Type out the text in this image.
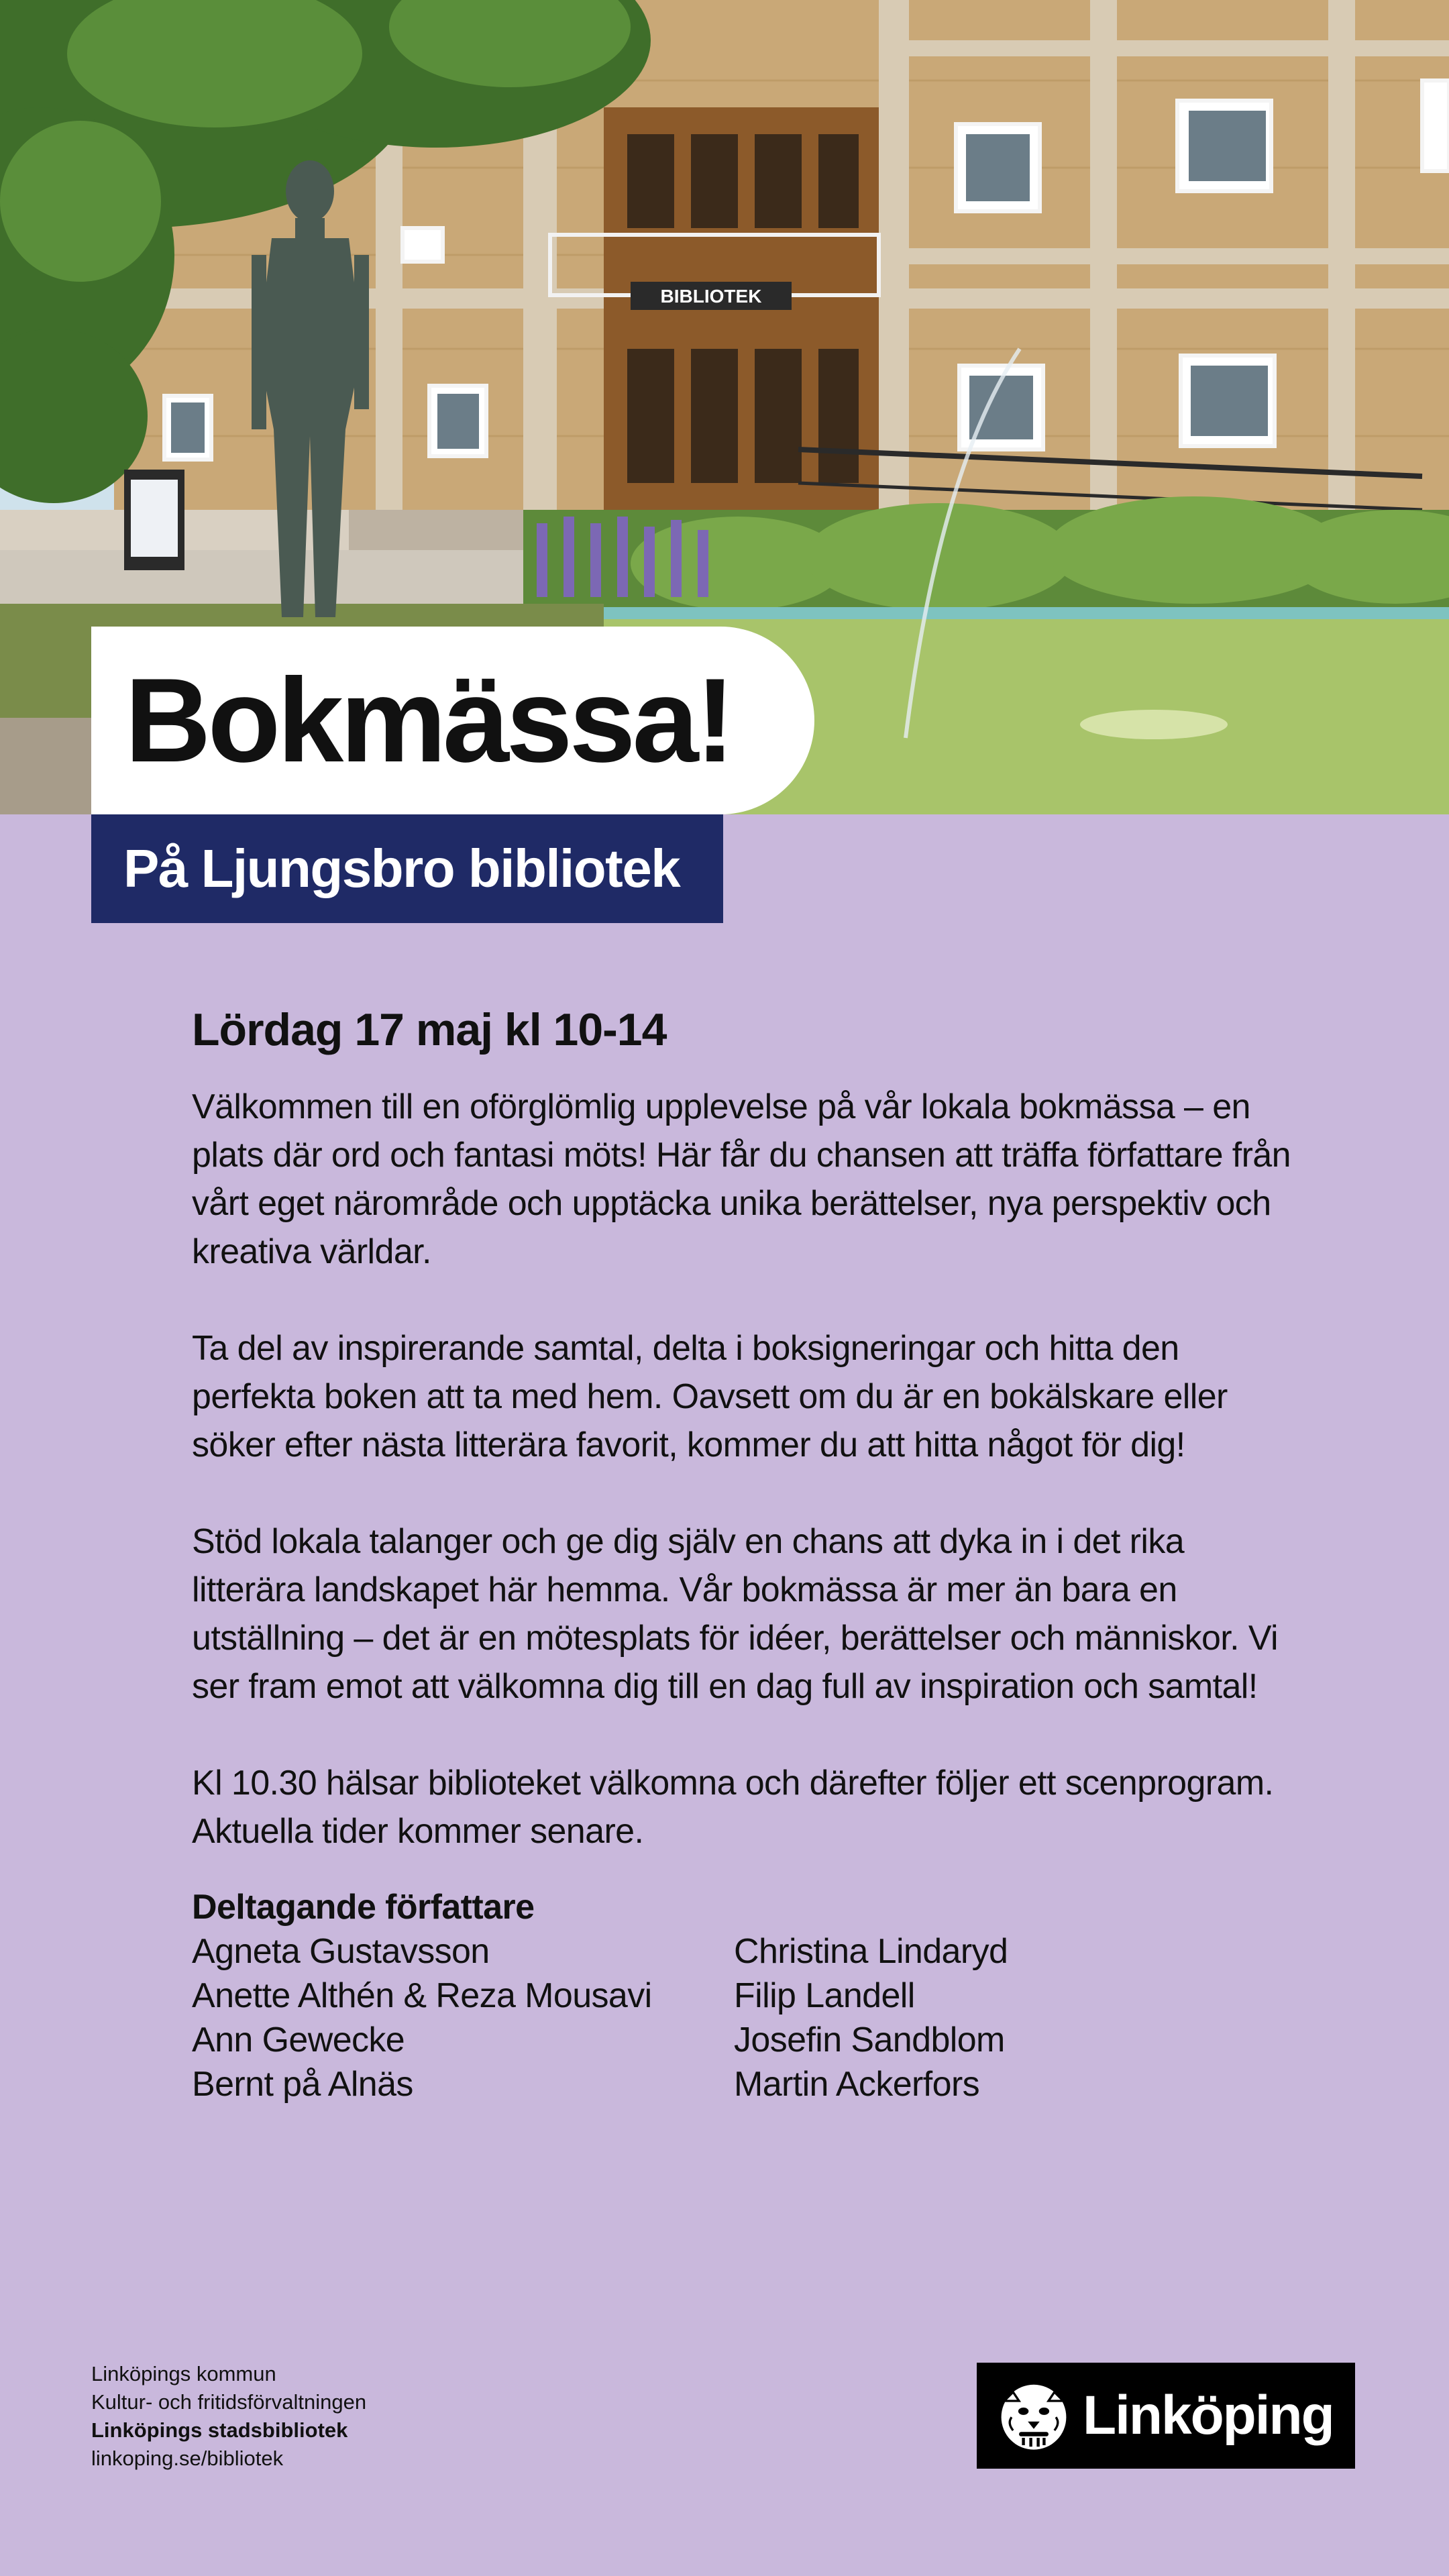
BIBLIOTEK
Bokmässa!
På Ljungsbro bibliotek

Lördag 17 maj kl 10-14

Välkommen till en oförglömlig upplevelse på vår lokala bokmässa – en plats där ord och fantasi möts! Här får du chansen att träffa författare från vårt eget närområde och upptäcka unika berättelser, nya perspektiv och kreativa världar.

Ta del av inspirerande samtal, delta i boksigneringar och hitta den perfekta boken att ta med hem. Oavsett om du är en bokälskare eller söker efter nästa litterära favorit, kommer du att hitta något för dig!

Stöd lokala talanger och ge dig själv en chans att dyka in i det rika litterära landskapet här hemma. Vår bokmässa är mer än bara en utställning – det är en mötesplats för idéer, berättelser och människor. Vi ser fram emot att välkomna dig till en dag full av inspiration och samtal!

Kl 10.30 hälsar biblioteket välkomna och därefter följer ett scenprogram. Aktuella tider kommer senare.

Deltagande författare

Agneta Gustavsson
Anette Althén & Reza Mousavi
Ann Gewecke
Bernt på Alnäs
Christina Lindaryd
Filip Landell
Josefin Sandblom
Martin Ackerfors
Linköpings kommun
Kultur- och fritidsförvaltningen
Linköpings stadsbibliotek
linkoping.se/bibliotek
Linköping
